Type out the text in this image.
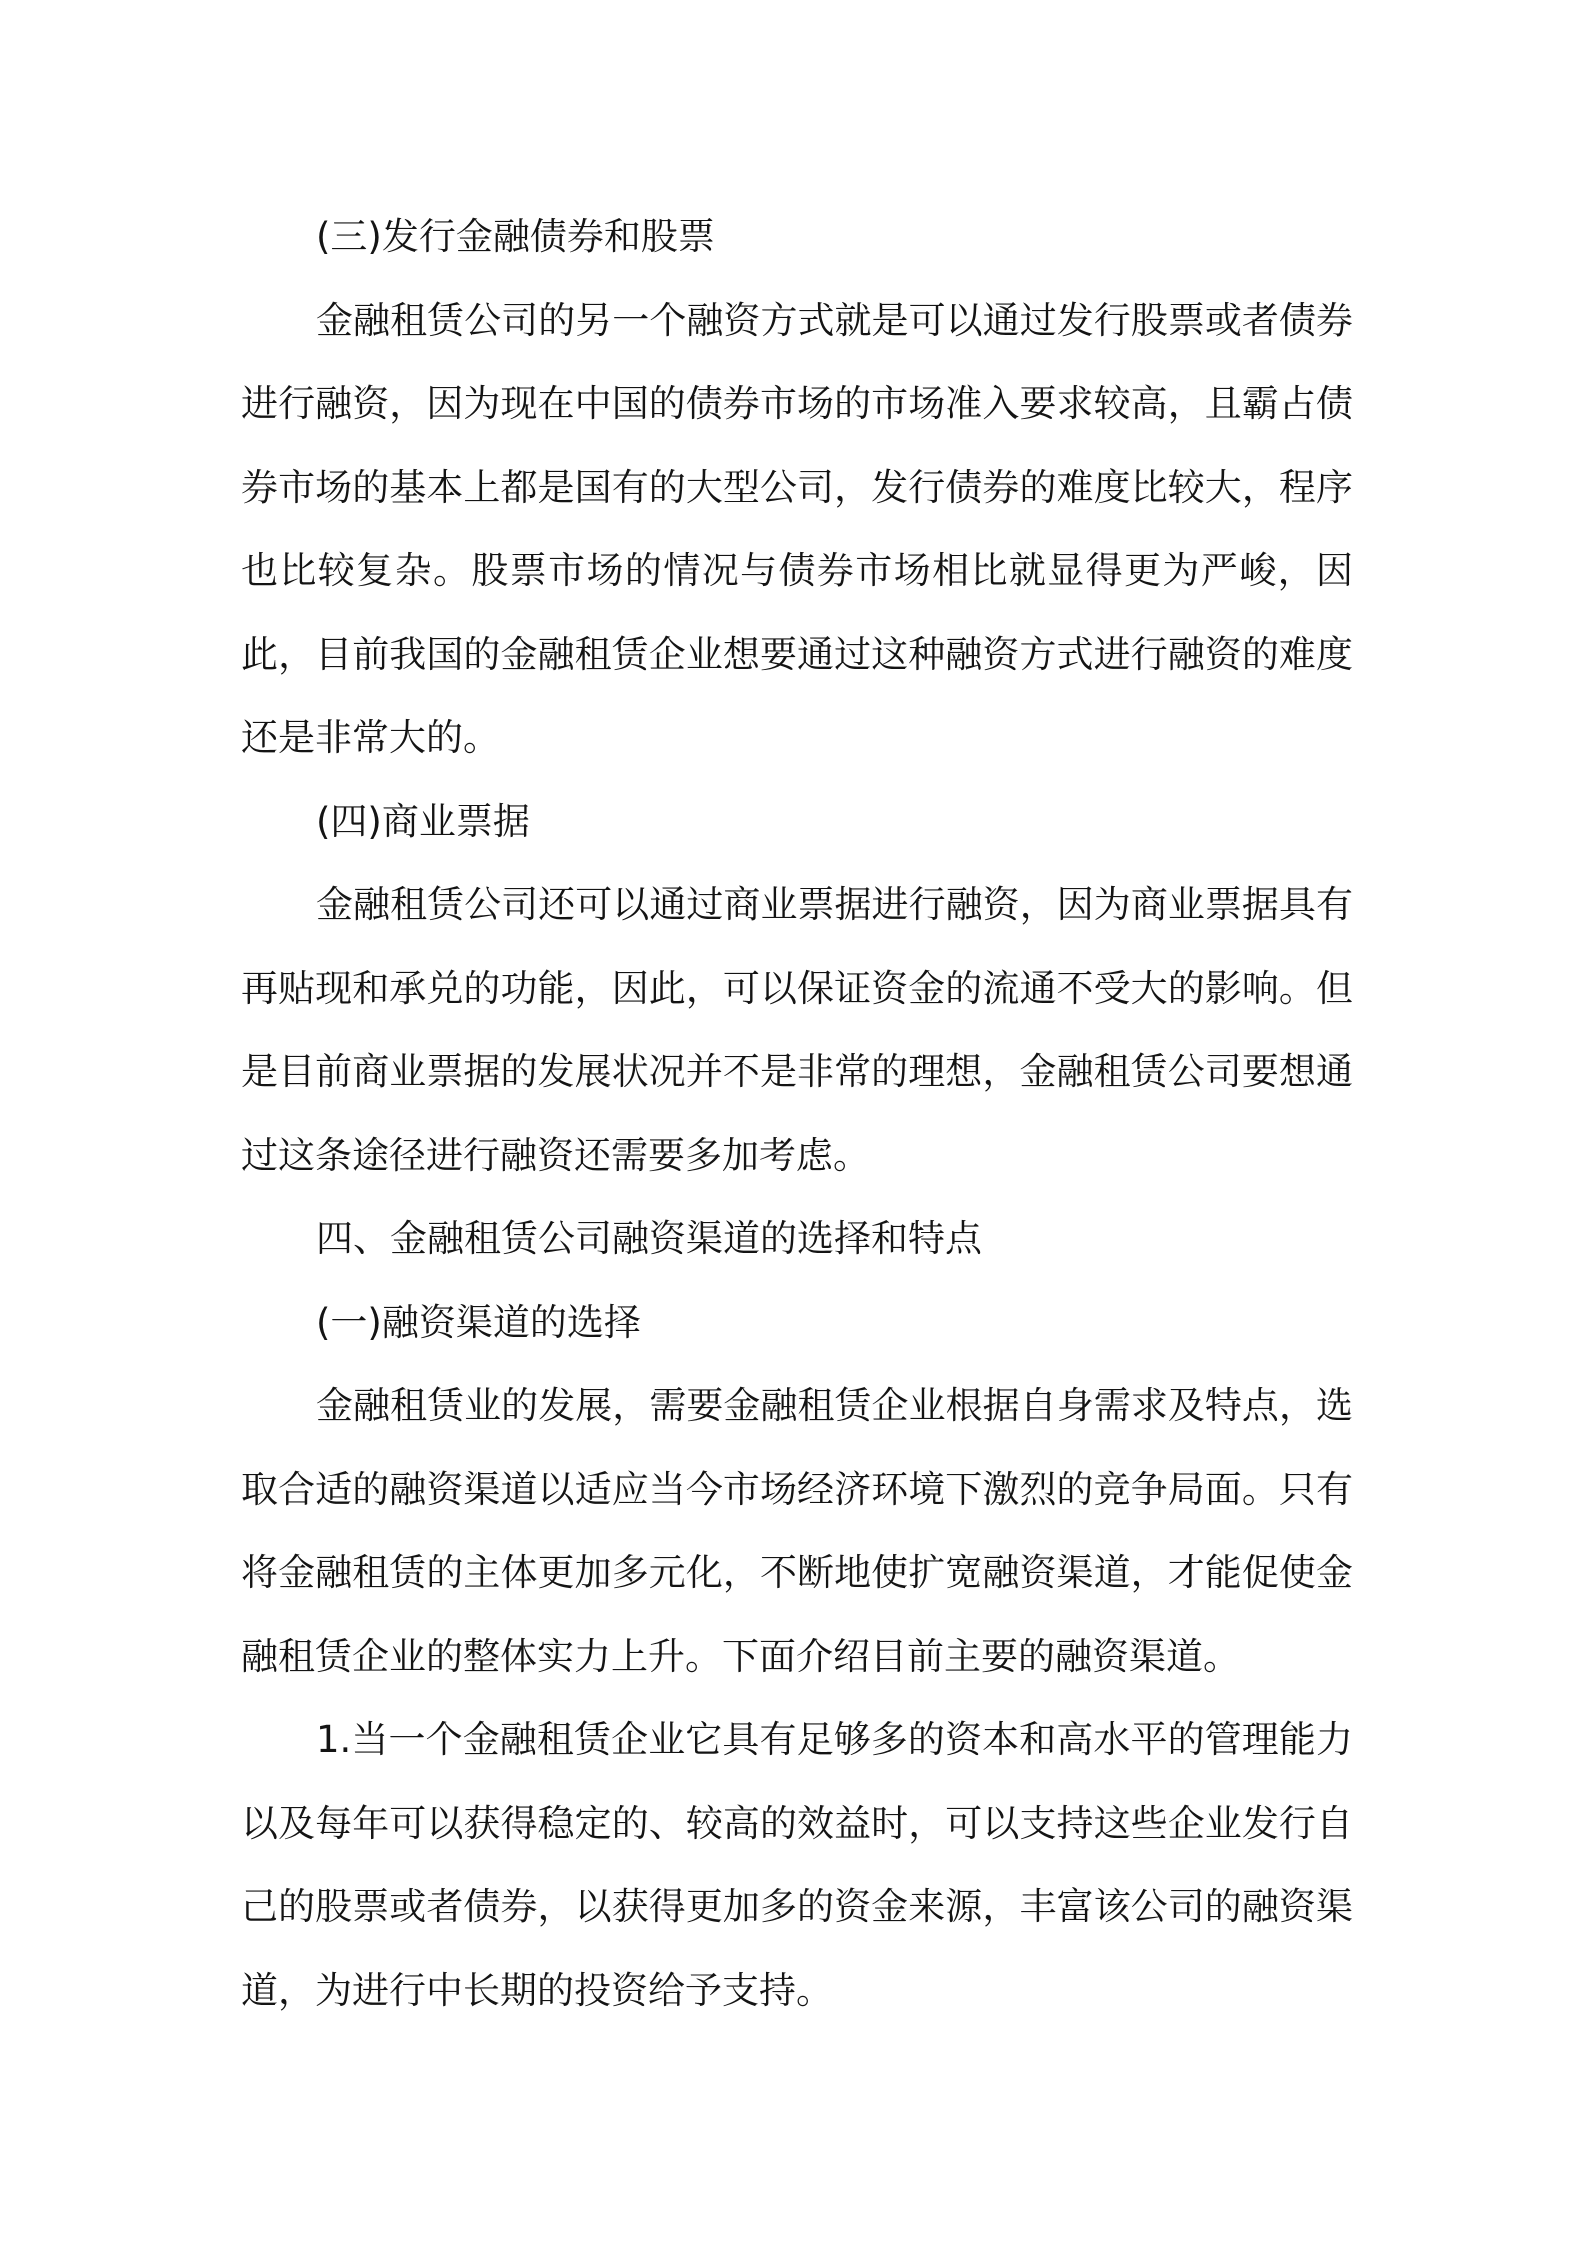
(三)发行金融债券和股票

金融租赁公司的另一个融资方式就是可以通过发行股票或者债券进行融资，因为现在中国的债券市场的市场准入要求较高，且霸占债券市场的基本上都是国有的大型公司，发行债券的难度比较大，程序也比较复杂。股票市场的情况与债券市场相比就显得更为严峻，因此，目前我国的金融租赁企业想要通过这种融资方式进行融资的难度还是非常大的。

(四)商业票据

金融租赁公司还可以通过商业票据进行融资，因为商业票据具有再贴现和承兑的功能，因此，可以保证资金的流通不受大的影响。但是目前商业票据的发展状况并不是非常的理想，金融租赁公司要想通过这条途径进行融资还需要多加考虑。

四、金融租赁公司融资渠道的选择和特点

(一)融资渠道的选择

金融租赁业的发展，需要金融租赁企业根据自身需求及特点，选取合适的融资渠道以适应当今市场经济环境下激烈的竞争局面。只有将金融租赁的主体更加多元化，不断地使扩宽融资渠道，才能促使金融租赁企业的整体实力上升。下面介绍目前主要的融资渠道。

1.当一个金融租赁企业它具有足够多的资本和高水平的管理能力以及每年可以获得稳定的、较高的效益时，可以支持这些企业发行自己的股票或者债券，以获得更加多的资金来源，丰富该公司的融资渠道，为进行中长期的投资给予支持。
